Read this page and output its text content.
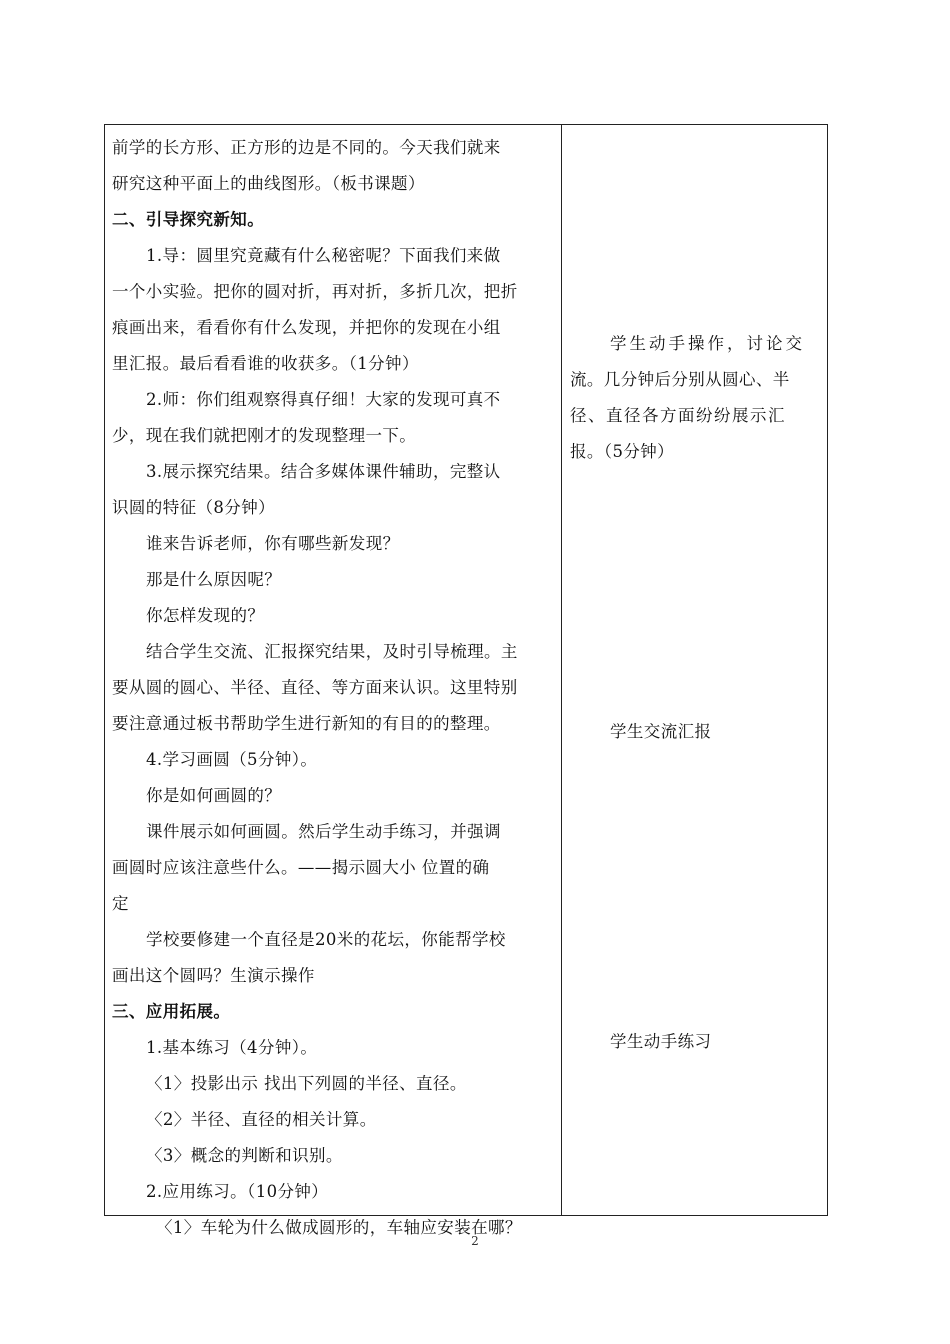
前学的长方形、正方形的边是不同的。今天我们就来
研究这种平面上的曲线图形。（板书课题）
二、引导探究新知。
1.导：圆里究竟藏有什么秘密呢？下面我们来做
一个小实验。把你的圆对折，再对折，多折几次，把折
痕画出来，看看你有什么发现，并把你的发现在小组
里汇报。最后看看谁的收获多。（1分钟）
2.师：你们组观察得真仔细！大家的发现可真不
少，现在我们就把刚才的发现整理一下。
3.展示探究结果。结合多媒体课件辅助，完整认
识圆的特征（8分钟）
谁来告诉老师，你有哪些新发现？
那是什么原因呢？
你怎样发现的？
结合学生交流、汇报探究结果，及时引导梳理。主
要从圆的圆心、半径、直径、等方面来认识。这里特别
要注意通过板书帮助学生进行新知的有目的的整理。
4.学习画圆（5分钟）。
你是如何画圆的？
课件展示如何画圆。然后学生动手练习，并强调
画圆时应该注意些什么。——揭示圆大小 位置的确
定
学校要修建一个直径是20米的花坛，你能帮学校
画出这个圆吗？生演示操作
三、应用拓展。
1.基本练习（4分钟）。
〈1〉投影出示 找出下列圆的半径、直径。
〈2〉半径、直径的相关计算。
〈3〉概念的判断和识别。
2.应用练习。（10分钟）
〈1〉车轮为什么做成圆形的，车轴应安装在哪？
学生动手操作，讨论交
流。几分钟后分别从圆心、半
径、直径各方面纷纷展示汇
报。（5分钟）
学生交流汇报
学生动手练习
2
